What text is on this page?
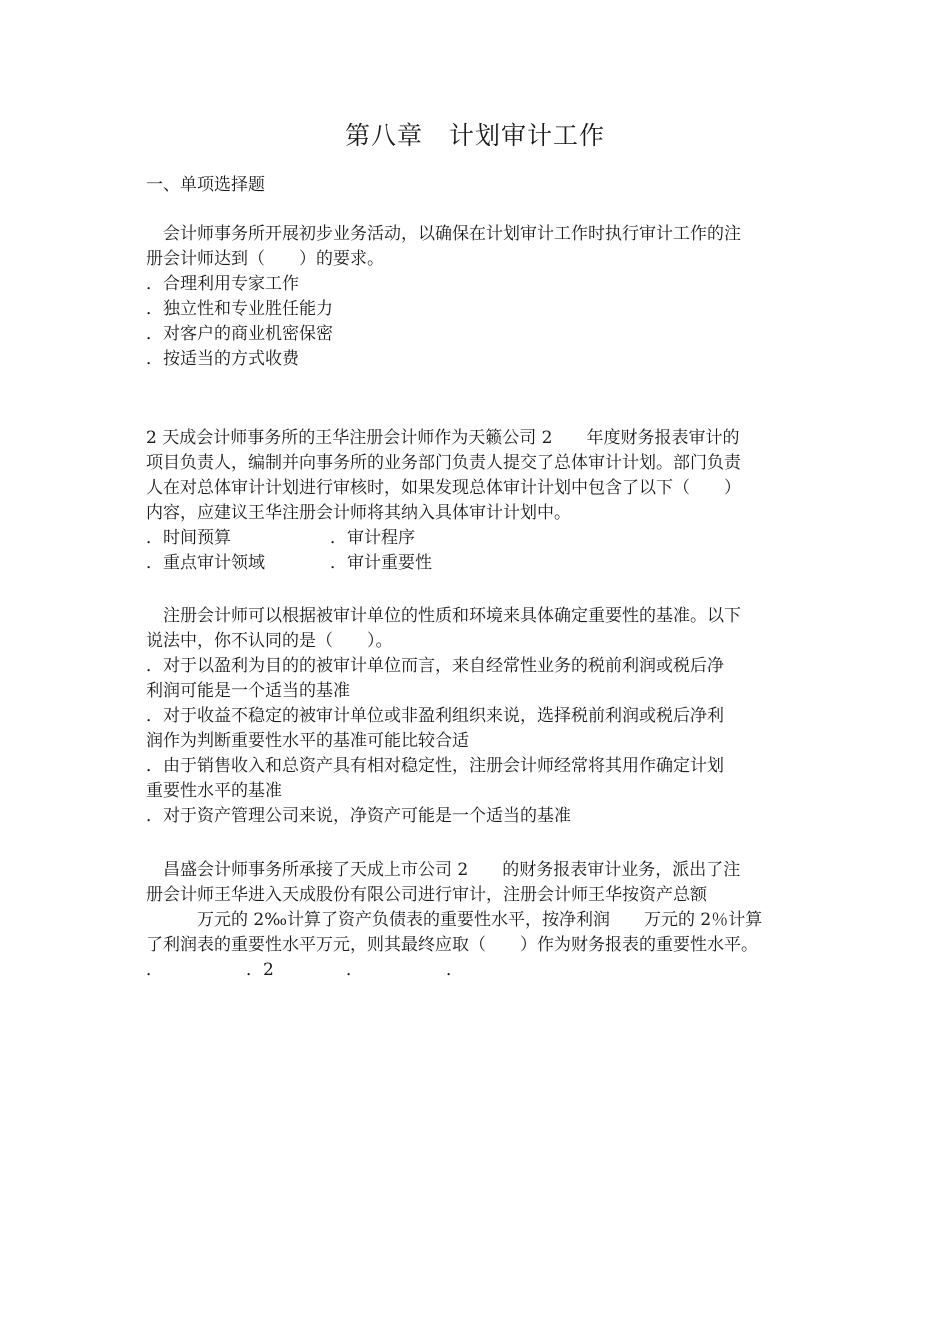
第八章　计划审计工作
一、单项选择题

　会计师事务所开展初步业务活动，以确保在计划审计工作时执行审计工作的注

册会计师达到（　　）的要求。

．合理利用专家工作
．独立性和专业胜任能力
．对客户的商业机密保密
．按适当的方式收费

2 天成会计师事务所的王华注册会计师作为天籁公司 2　　年度财务报表审计的

项目负责人，编制并向事务所的业务部门负责人提交了总体审计计划。部门负责

人在对总体审计计划进行审核时，如果发现总体审计计划中包含了以下（　　）

内容，应建议王华注册会计师将其纳入具体审计计划中。

．时间预算	．审计程序
．重点审计领域	．审计重要性

　注册会计师可以根据被审计单位的性质和环境来具体确定重要性的基准。以下

说法中，你不认同的是（　　）。

．对于以盈利为目的的被审计单位而言，来自经常性业务的税前利润或税后净

利润可能是一个适当的基准

．对于收益不稳定的被审计单位或非盈利组织来说，选择税前利润或税后净利

润作为判断重要性水平的基准可能比较合适

．由于销售收入和总资产具有相对稳定性，注册会计师经常将其用作确定计划

重要性水平的基准

．对于资产管理公司来说，净资产可能是一个适当的基准

　昌盛会计师事务所承接了天成上市公司 2　　的财务报表审计业务，派出了注

册会计师王华进入天成股份有限公司进行审计，注册会计师王华按资产总额

　　　万元的 2‰计算了资产负债表的重要性水平，按净利润　　万元的 2％计算

了利润表的重要性水平万元，则其最终应取（　　）作为财务报表的重要性水平。

．	．2	．	．
